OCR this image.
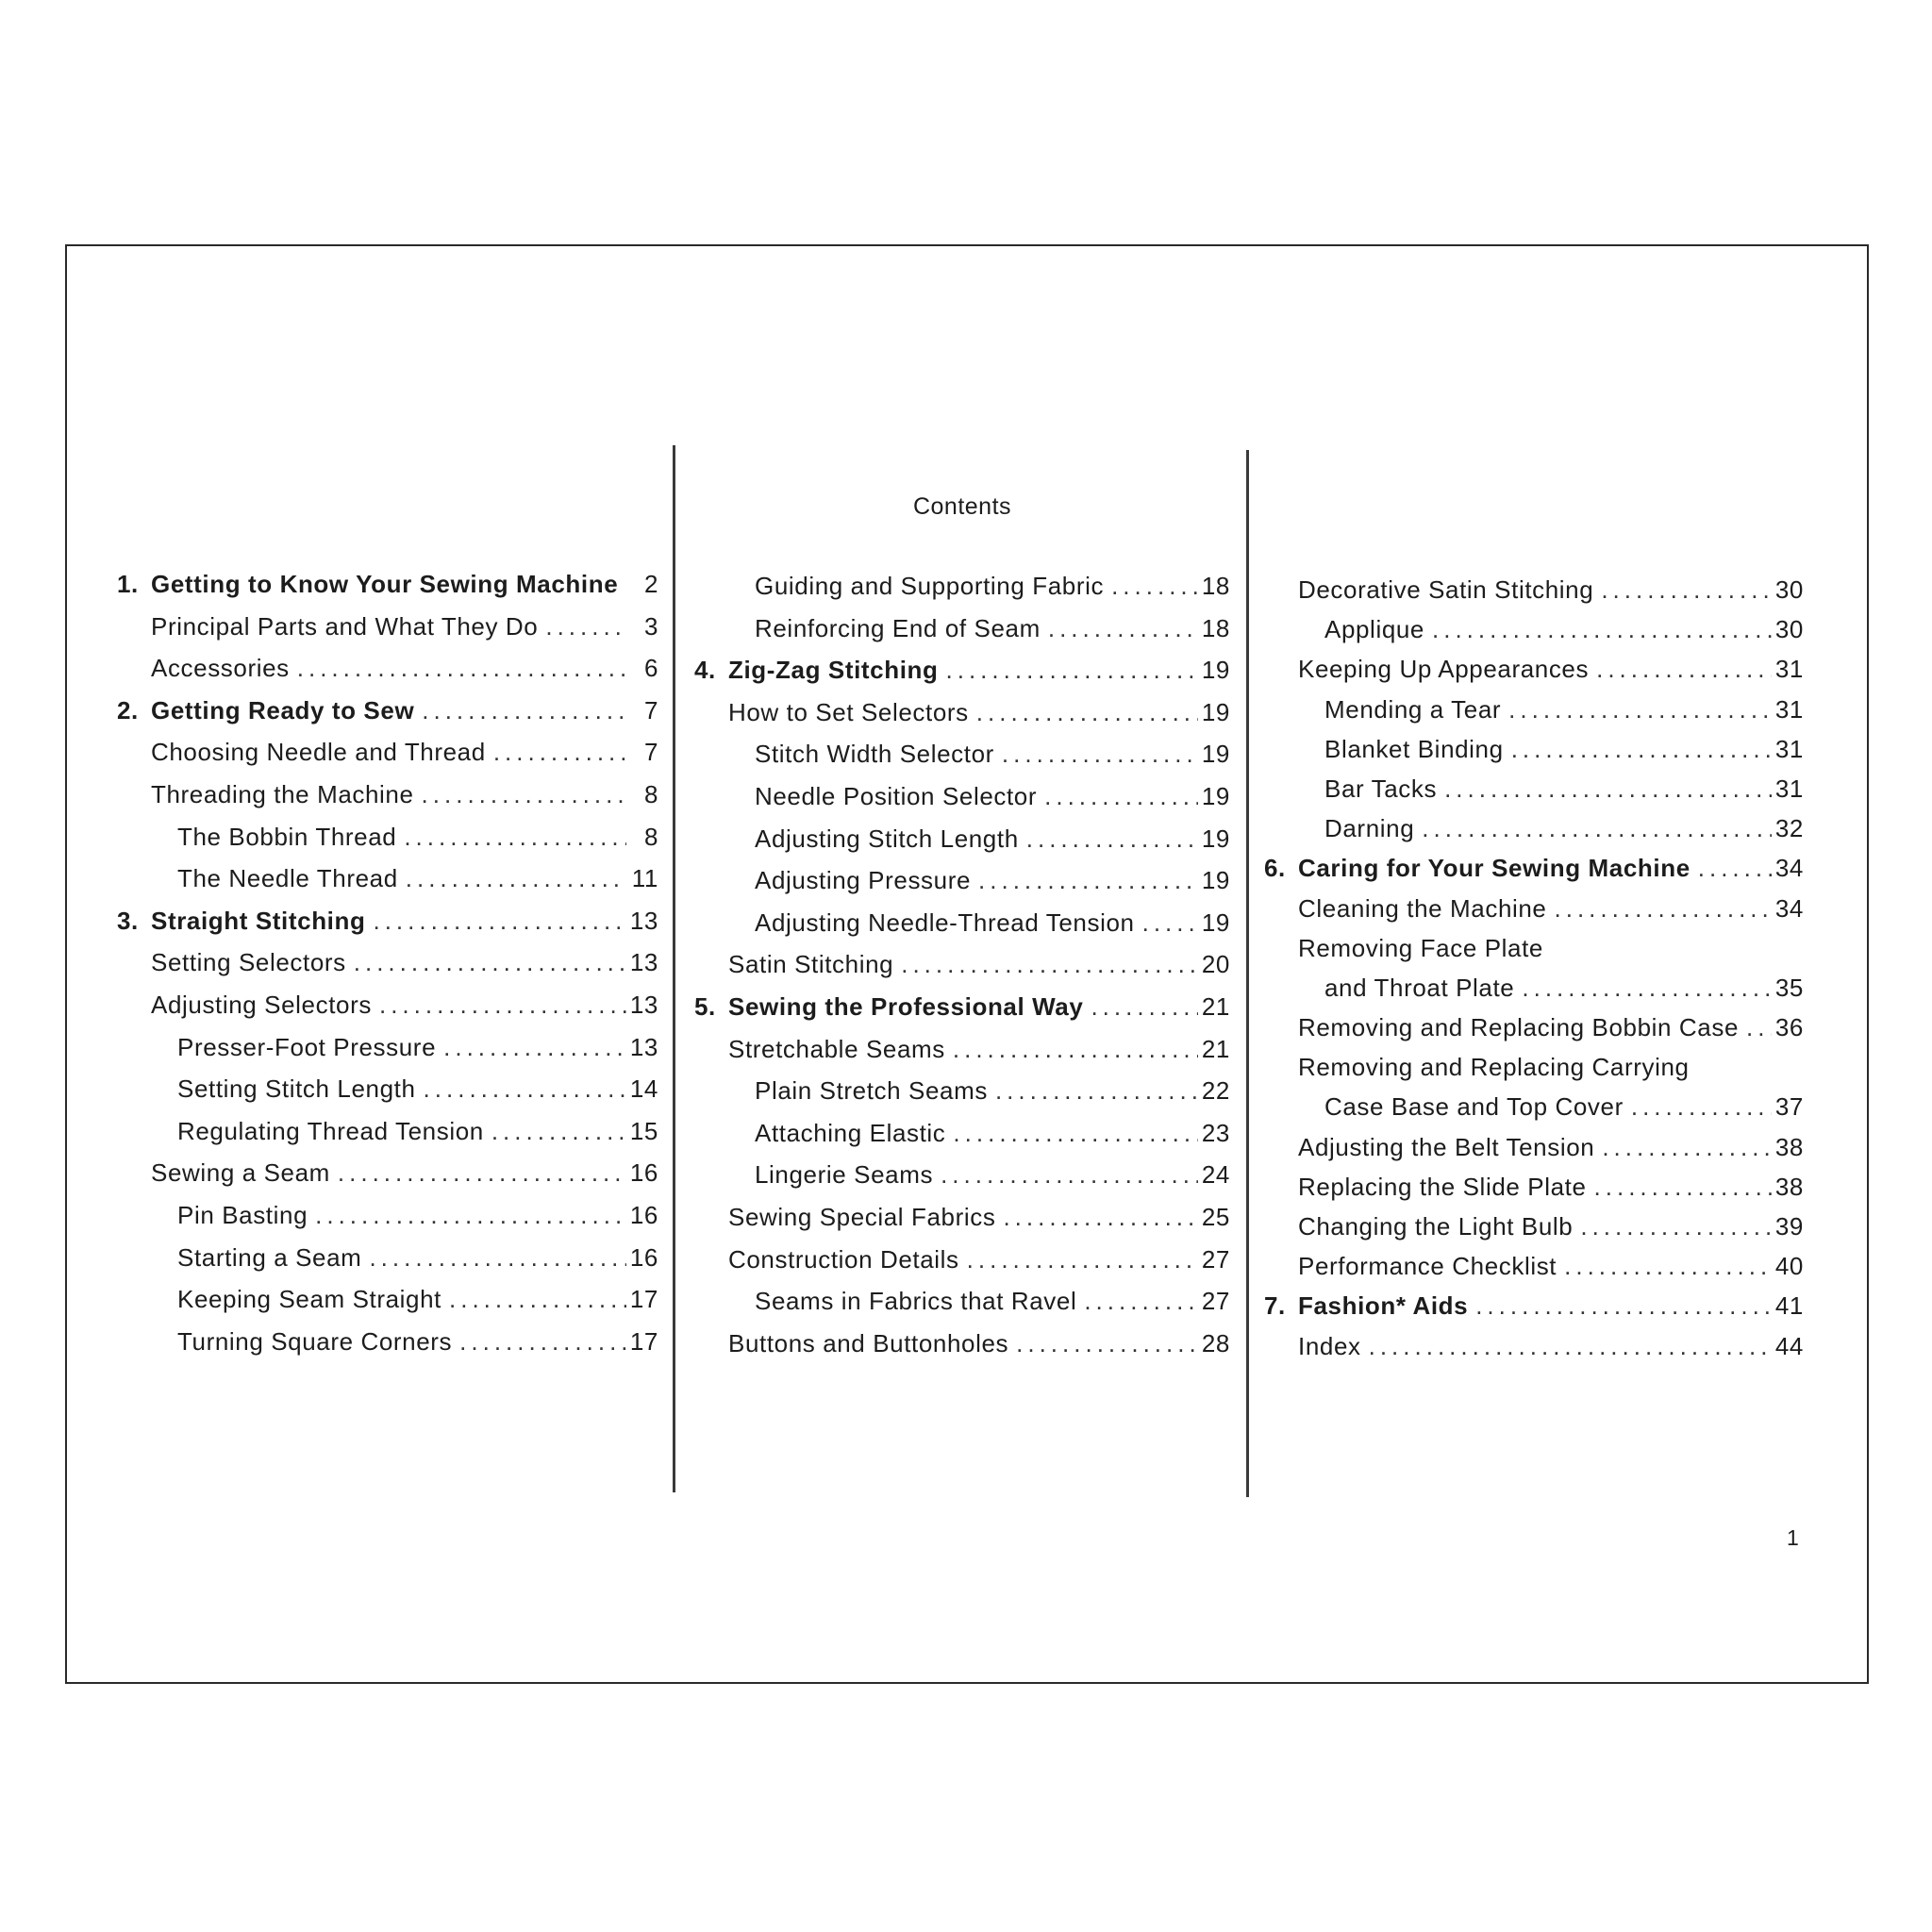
Contents
1. Getting to Know Your Sewing Machine .....	2
Principal Parts and What They Do .....	3
Accessories .....	6
2. Getting Ready to Sew .....	7
Choosing Needle and Thread .....	7
Threading the Machine .....	8
The Bobbin Thread .....	8
The Needle Thread .....	11
3. Straight Stitching .....	13
Setting Selectors .....	13
Adjusting Selectors .....	13
Presser-Foot Pressure .....	13
Setting Stitch Length .....	14
Regulating Thread Tension .....	15
Sewing a Seam .....	16
Pin Basting .....	16
Starting a Seam .....	16
Keeping Seam Straight .....	17
Turning Square Corners .....	17
Guiding and Supporting Fabric .....	18
Reinforcing End of Seam .....	18
4. Zig-Zag Stitching .....	19
How to Set Selectors .....	19
Stitch Width Selector .....	19
Needle Position Selector .....	19
Adjusting Stitch Length .....	19
Adjusting Pressure .....	19
Adjusting Needle-Thread Tension .....	19
Satin Stitching .....	20
5. Sewing the Professional Way .....	21
Stretchable Seams .....	21
Plain Stretch Seams .....	22
Attaching Elastic .....	23
Lingerie Seams .....	24
Sewing Special Fabrics .....	25
Construction Details .....	27
Seams in Fabrics that Ravel .....	27
Buttons and Buttonholes .....	28
Decorative Satin Stitching .....	30
Applique .....	30
Keeping Up Appearances .....	31
Mending a Tear .....	31
Blanket Binding .....	31
Bar Tacks .....	31
Darning .....	32
6. Caring for Your Sewing Machine .....	34
Cleaning the Machine .....	34
Removing Face Plate
and Throat Plate .....	35
Removing and Replacing Bobbin Case ..... 36
Removing and Replacing Carrying
Case Base and Top Cover .....	37
Adjusting the Belt Tension .....	38
Replacing the Slide Plate .....	38
Changing the Light Bulb .....	39
Performance Checklist .....	40
7. Fashion* Aids .....	41
Index .....	44
1
